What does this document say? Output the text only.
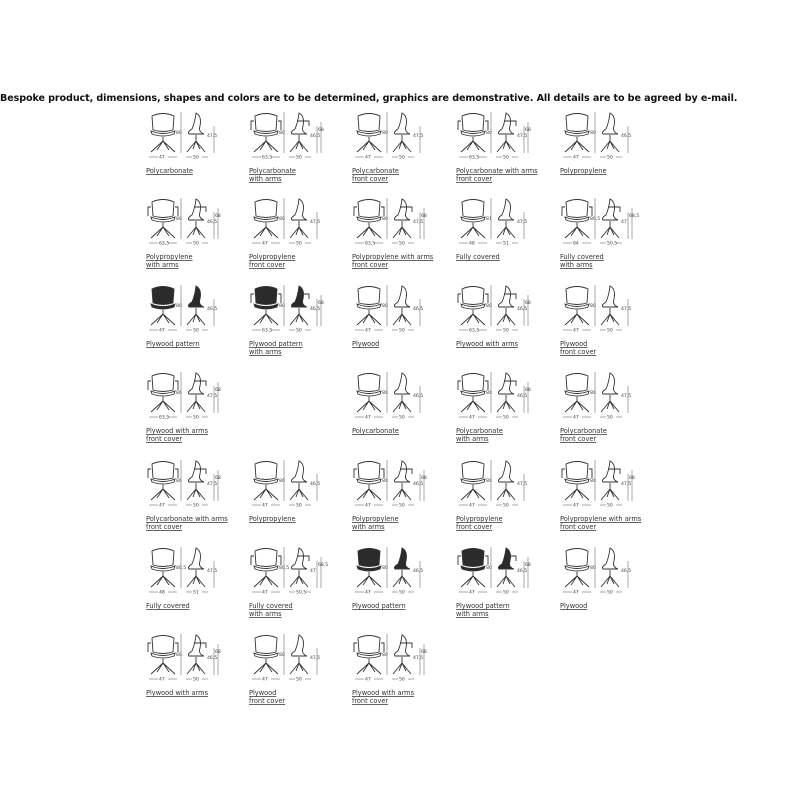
Bespoke product, dimensions, shapes and colors are to be determined, graphics are demonstrative. All details are to be agreed by e-mail.
47
80
50
47,5
Polycarbonate
63,5
80
50
46,5
68
Polycarbonate
with arms
47
80
50
47,5
Polycarbonate
front cover
63,5
80
50
47,5
68
Polycarbonate with arms
front cover
47
80
50
46,5
Polypropylene
63,5
80
50
46,5
68
Polypropylene
with arms
47
80
50
47,5
Polypropylene
front cover
63,5
80
50
47,5
68
Polypropylene with arms
front cover
48
81
51
47,5
Fully covered
64
80,5
50,5
47
68,5
Fully covered
with arms
47
80
50
46,5
Plywood pattern
63,5
80
50
46,5
68
Plywood pattern
with arms
47
80
50
46,5
Plywood
63,5
80
50
46,5
68
Plywood with arms
47
80
50
47,5
Plywood
front cover
63,5
80
50
47,5
68
Plywood with arms
front cover
47
80
50
46,5
Polycarbonate
47
80
50
46,5
68
Polycarbonate
with arms
47
80
50
47,5
Polycarbonate
front cover
47
80
50
47,5
68
Polycarbonate with arms
front cover
47
80
50
46,5
Polypropylene
47
80
50
46,5
68
Polypropylene
with arms
47
80
50
47,5
Polypropylene
front cover
47
80
50
47,5
68
Polypropylene with arms
front cover
48
80,5
51
47,5
Fully covered
47
80,5
50,5
47
68,5
Fully covered
with arms
47
80
50
46,5
Plywood pattern
47
80
50
46,5
68
Plywood pattern
with arms
47
80
50
46,5
Plywood
47
80
50
46,5
68
Plywood with arms
47
80
50
47,5
Plywood
front cover
47
80
50
47,5
68
Plywood with arms
front cover
